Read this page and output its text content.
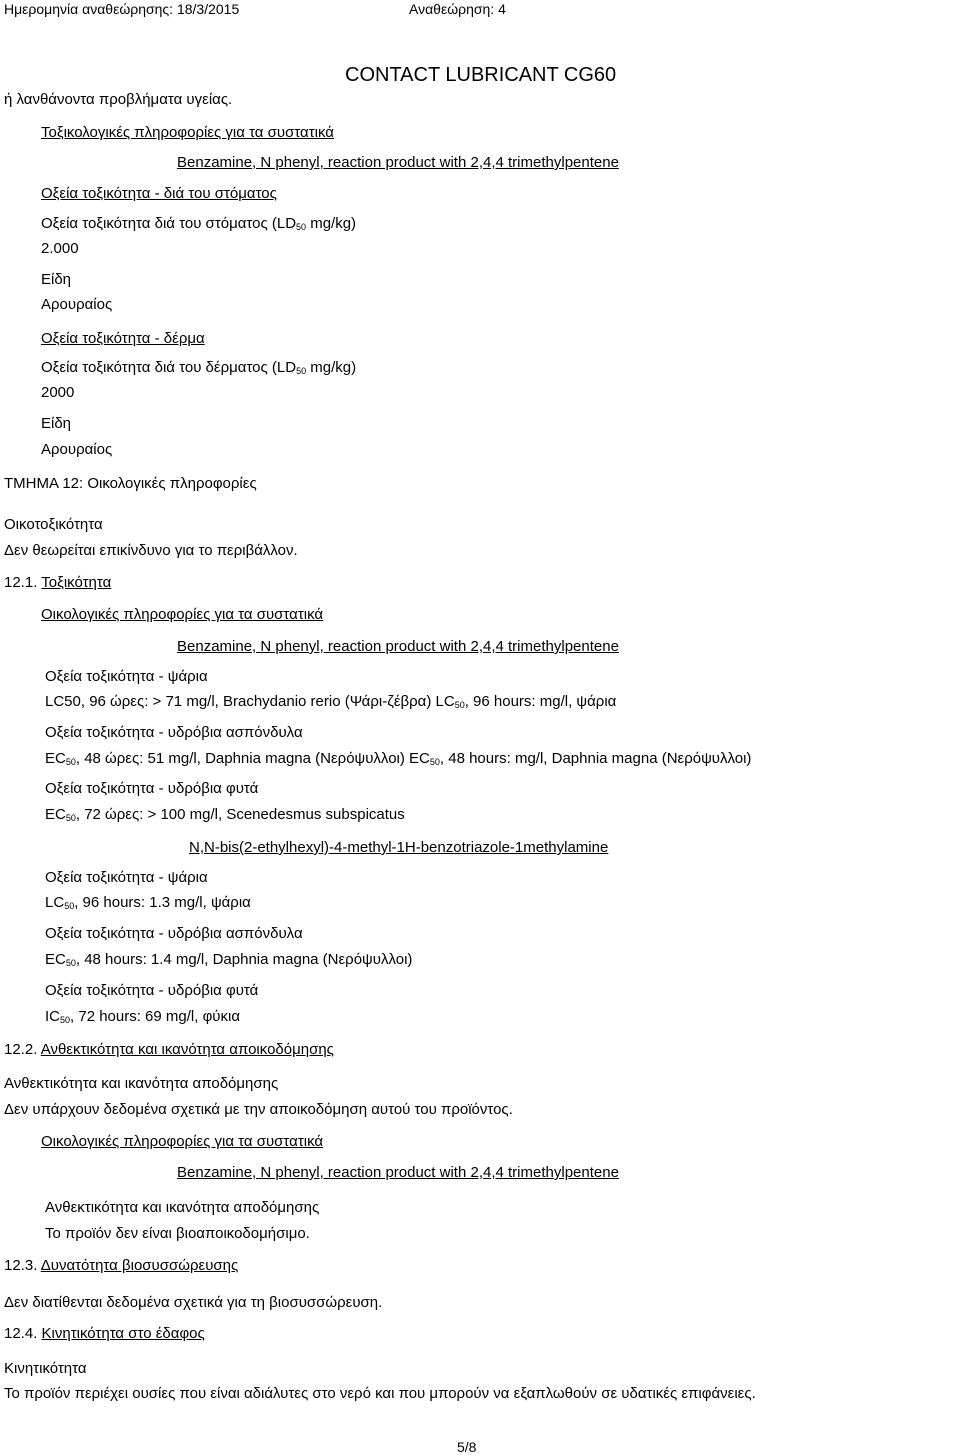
Ημερομηνία αναθεώρησης: 18/3/2015	Αναθεώρηση: 4
CONTACT LUBRICANT CG60
ή λανθάνοντα προβλήματα υγείας.
Τοξικολογικές πληροφορίες για τα συστατικά
Benzamine, N phenyl, reaction product with 2,4,4 trimethylpentene
Οξεία τοξικότητα - διά του στόματος
Οξεία τοξικότητα διά του στόματος ($LD_{50}$ mg/kg)
2.000
Είδη
Αρουραίος
Οξεία τοξικότητα - δέρμα
Οξεία τοξικότητα διά του δέρματος ($LD_{50}$ mg/kg)
2000
Είδη
Αρουραίος
ΤΜΗΜΑ 12: Οικολογικές πληροφορίες
Οικοτοξικότητα
Δεν θεωρείται επικίνδυνο για το περιβάλλον.
12.1. Τοξικότητα
Οικολογικές πληροφορίες για τα συστατικά
Benzamine, N phenyl, reaction product with 2,4,4 trimethylpentene
Οξεία τοξικότητα - ψάρια
LC50, 96 ώρες: > 71 mg/l, Brachydanio rerio (Ψάρι-ζέβρα) $LC_{50}$, 96 hours: mg/l, ψάρια
Οξεία τοξικότητα - υδρόβια ασπόνδυλα
$EC_{50}$, 48 ώρες: 51 mg/l, Daphnia magna (Νερόψυλλοι) $EC_{50}$, 48 hours: mg/l, Daphnia magna (Νερόψυλλοι)
Οξεία τοξικότητα - υδρόβια φυτά
$EC_{50}$, 72 ώρες: > 100 mg/l, Scenedesmus subspicatus
N,N-bis(2-ethylhexyl)-4-methyl-1H-benzotriazole-1methylamine
Οξεία τοξικότητα - ψάρια
$LC_{50}$, 96 hours: 1.3 mg/l, ψάρια
Οξεία τοξικότητα - υδρόβια ασπόνδυλα
$EC_{50}$, 48 hours: 1.4 mg/l, Daphnia magna (Νερόψυλλοι)
Οξεία τοξικότητα - υδρόβια φυτά
$IC_{50}$, 72 hours: 69 mg/l, φύκια
12.2. Ανθεκτικότητα και ικανότητα αποικοδόμησης
Ανθεκτικότητα και ικανότητα αποδόμησης
Δεν υπάρχουν δεδομένα σχετικά με την αποικοδόμηση αυτού του προϊόντος.
Οικολογικές πληροφορίες για τα συστατικά
Benzamine, N phenyl, reaction product with 2,4,4 trimethylpentene
Ανθεκτικότητα και ικανότητα αποδόμησης
Το προϊόν δεν είναι βιοαποικοδομήσιμο.
12.3. Δυνατότητα βιοσυσσώρευσης
Δεν διατίθενται δεδομένα σχετικά για τη βιοσυσσώρευση.
12.4. Κινητικότητα στο έδαφος
Κινητικότητα
Το προϊόν περιέχει ουσίες που είναι αδιάλυτες στο νερό και που μπορούν να εξαπλωθούν σε υδατικές επιφάνειες.
5/8
